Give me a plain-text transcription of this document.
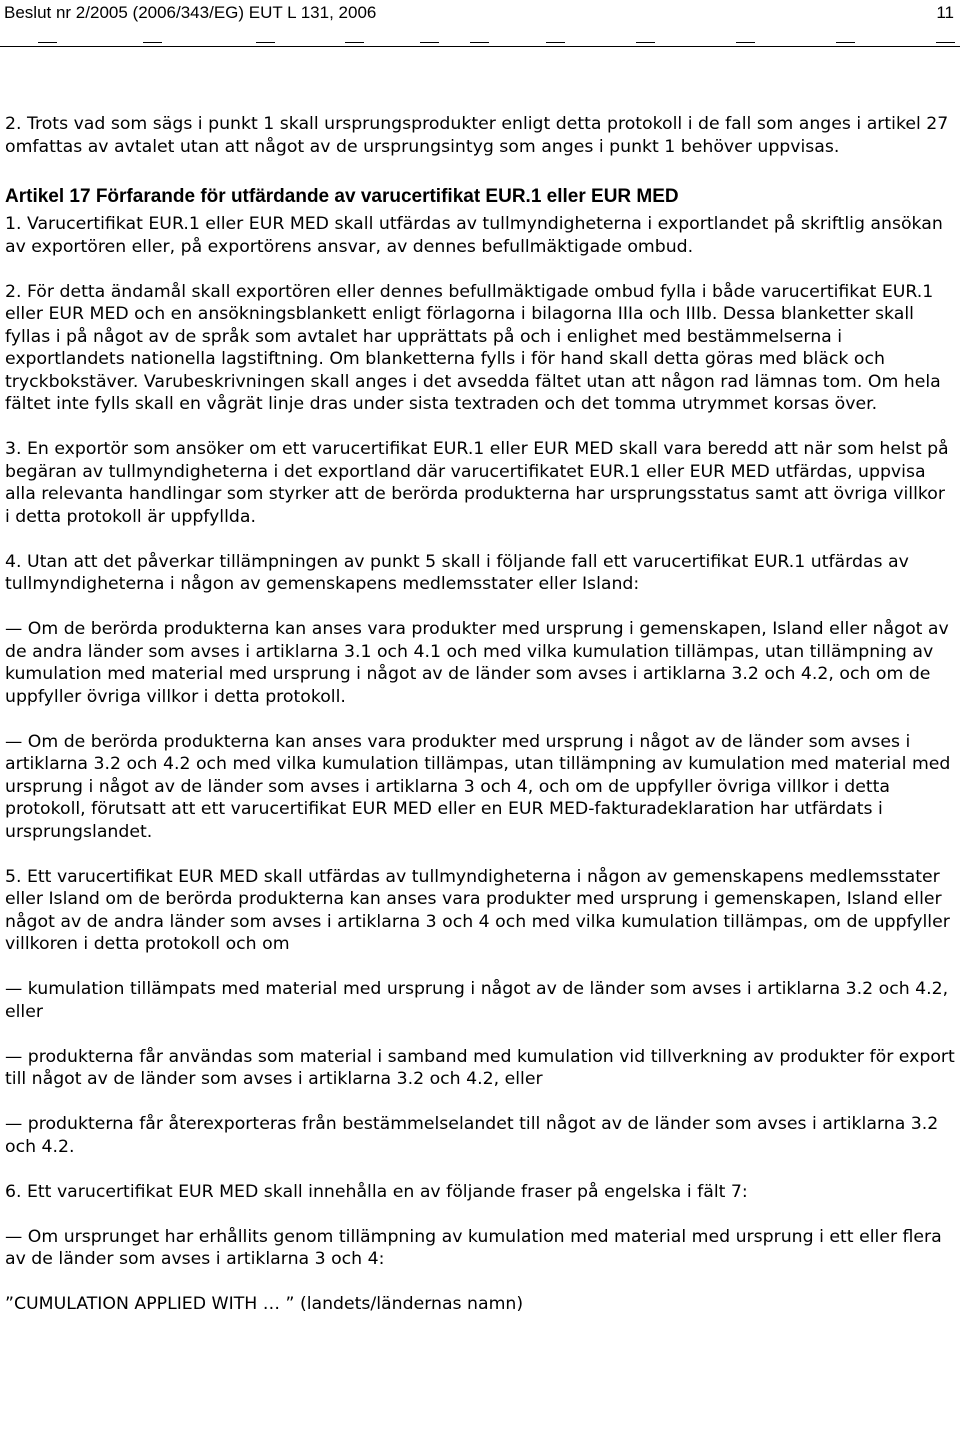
Beslut nr 2/2005 (2006/343/EG) EUT L 131, 2006	11

2. Trots vad som sägs i punkt 1 skall ursprungsprodukter enligt detta protokoll i de fall som anges i artikel 27 omfattas av avtalet utan att något av de ursprungsintyg som anges i punkt 1 behöver uppvisas.

Artikel 17 Förfarande för utfärdande av varucertifikat EUR.1 eller EUR MED

1. Varucertifikat EUR.1 eller EUR MED skall utfärdas av tullmyndigheterna i exportlandet på skriftlig ansökan av exportören eller, på exportörens ansvar, av dennes befullmäktigade ombud.

2. För detta ändamål skall exportören eller dennes befullmäktigade ombud fylla i både varucertifikat EUR.1 eller EUR MED och en ansökningsblankett enligt förlagorna i bilagorna IIIa och IIIb. Dessa blanketter skall fyllas i på något av de språk som avtalet har upprättats på och i enlighet med bestämmelserna i exportlandets nationella lagstiftning. Om blanketterna fylls i för hand skall detta göras med bläck och tryckbokstäver. Varubeskrivningen skall anges i det avsedda fältet utan att någon rad lämnas tom. Om hela fältet inte fylls skall en vågrät linje dras under sista textraden och det tomma utrymmet korsas över.

3. En exportör som ansöker om ett varucertifikat EUR.1 eller EUR MED skall vara beredd att när som helst på begäran av tullmyndigheterna i det exportland där varucertifikatet EUR.1 eller EUR MED utfärdas, uppvisa alla relevanta handlingar som styrker att de berörda produkterna har ursprungsstatus samt att övriga villkor i detta protokoll är uppfyllda.

4. Utan att det påverkar tillämpningen av punkt 5 skall i följande fall ett varucertifikat EUR.1 utfärdas av tullmyndigheterna i någon av gemenskapens medlemsstater eller Island:

— Om de berörda produkterna kan anses vara produkter med ursprung i gemenskapen, Island eller något av de andra länder som avses i artiklarna 3.1 och 4.1 och med vilka kumulation tillämpas, utan tillämpning av kumulation med material med ursprung i något av de länder som avses i artiklarna 3.2 och 4.2, och om de uppfyller övriga villkor i detta protokoll.

— Om de berörda produkterna kan anses vara produkter med ursprung i något av de länder som avses i artiklarna 3.2 och 4.2 och med vilka kumulation tillämpas, utan tillämpning av kumulation med material med ursprung i något av de länder som avses i artiklarna 3 och 4, och om de uppfyller övriga villkor i detta protokoll, förutsatt att ett varucertifikat EUR MED eller en EUR MED-fakturadeklaration har utfärdats i ursprungslandet.

5. Ett varucertifikat EUR MED skall utfärdas av tullmyndigheterna i någon av gemenskapens medlemsstater eller Island om de berörda produkterna kan anses vara produkter med ursprung i gemenskapen, Island eller något av de andra länder som avses i artiklarna 3 och 4 och med vilka kumulation tillämpas, om de uppfyller villkoren i detta protokoll och om

— kumulation tillämpats med material med ursprung i något av de länder som avses i artiklarna 3.2 och 4.2, eller

— produkterna får användas som material i samband med kumulation vid tillverkning av produkter för export till något av de länder som avses i artiklarna 3.2 och 4.2, eller

— produkterna får återexporteras från bestämmelselandet till något av de länder som avses i artiklarna 3.2 och 4.2.

6. Ett varucertifikat EUR MED skall innehålla en av följande fraser på engelska i fält 7:

— Om ursprunget har erhållits genom tillämpning av kumulation med material med ursprung i ett eller flera av de länder som avses i artiklarna 3 och 4:

”CUMULATION APPLIED WITH … ” (landets/ländernas namn)
